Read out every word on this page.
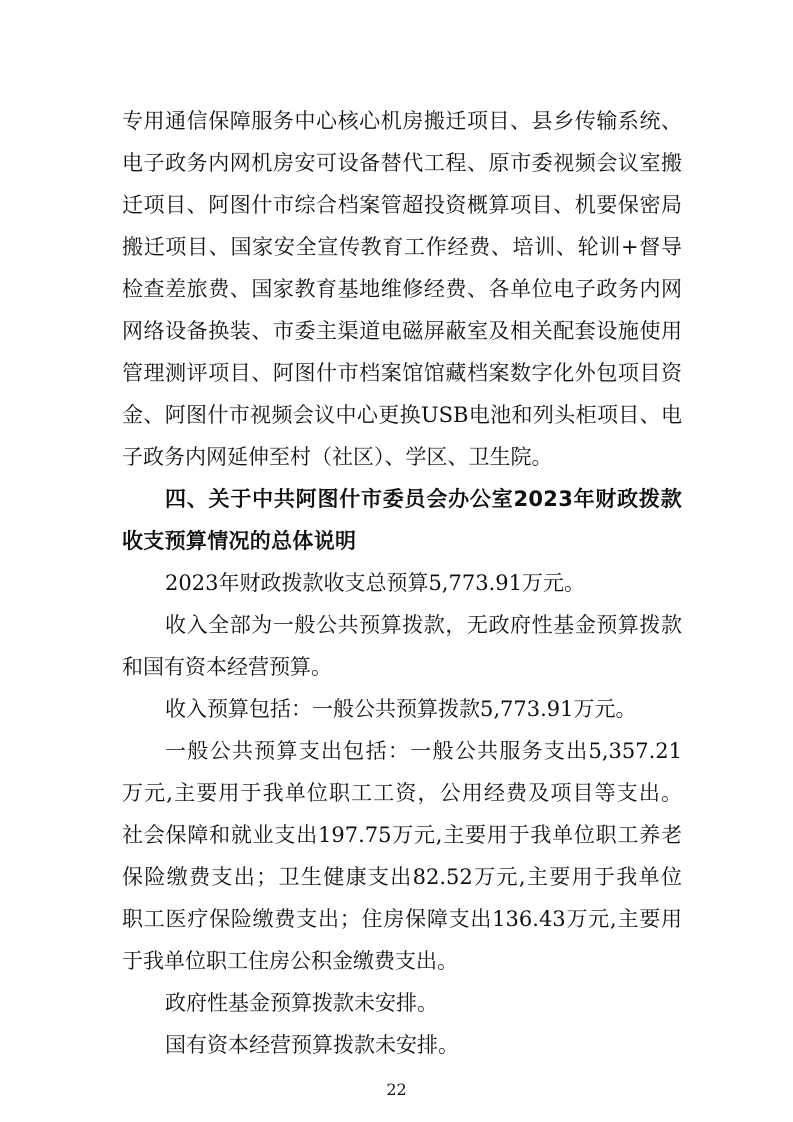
专用通信保障服务中心核心机房搬迁项目、县乡传输系统、
电子政务内网机房安可设备替代工程、原市委视频会议室搬
迁项目、阿图什市综合档案管超投资概算项目、机要保密局
搬迁项目、国家安全宣传教育工作经费、培训、轮训+督导
检查差旅费、国家教育基地维修经费、各单位电子政务内网
网络设备换装、市委主渠道电磁屏蔽室及相关配套设施使用
管理测评项目、阿图什市档案馆馆藏档案数字化外包项目资
金、阿图什市视频会议中心更换USB电池和列头柜项目、电
子政务内网延伸至村（社区）、学区、卫生院。
四、关于中共阿图什市委员会办公室2023年财政拨款
收支预算情况的总体说明
2023年财政拨款收支总预算5,773.91万元。
收入全部为一般公共预算拨款，无政府性基金预算拨款
和国有资本经营预算。
收入预算包括：一般公共预算拨款5,773.91万元。
一般公共预算支出包括：一般公共服务支出5,357.21
万元,主要用于我单位职工工资，公用经费及项目等支出。
社会保障和就业支出197.75万元,主要用于我单位职工养老
保险缴费支出；卫生健康支出82.52万元,主要用于我单位
职工医疗保险缴费支出；住房保障支出136.43万元,主要用
于我单位职工住房公积金缴费支出。
政府性基金预算拨款未安排。
国有资本经营预算拨款未安排。
22
